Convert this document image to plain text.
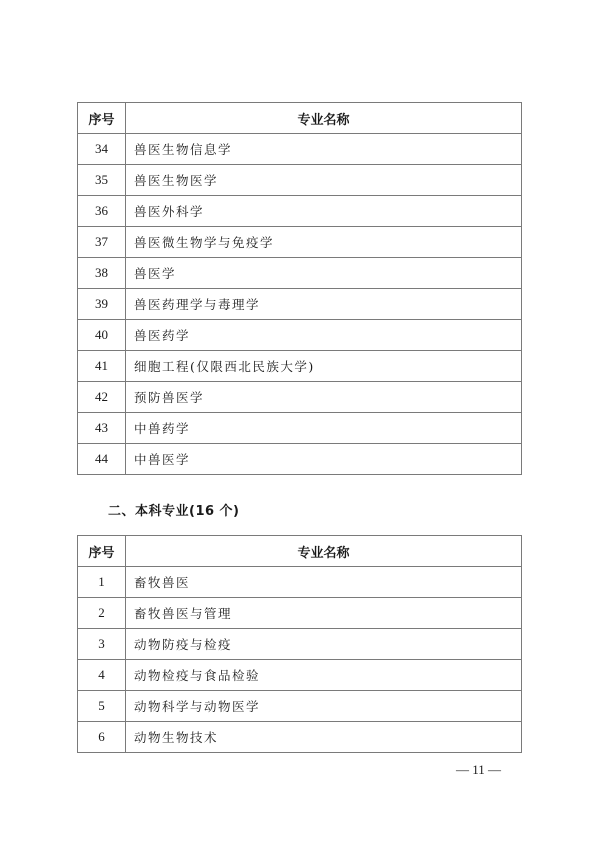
序号	专业名称
34	兽医生物信息学
35	兽医生物医学
36	兽医外科学
37	兽医微生物学与免疫学
38	兽医学
39	兽医药理学与毒理学
40	兽医药学
41	细胞工程(仅限西北民族大学)
42	预防兽医学
43	中兽药学
44	中兽医学
二、本科专业(16 个)
序号	专业名称
1	畜牧兽医
2	畜牧兽医与管理
3	动物防疫与检疫
4	动物检疫与食品检验
5	动物科学与动物医学
6	动物生物技术
— 11 —
